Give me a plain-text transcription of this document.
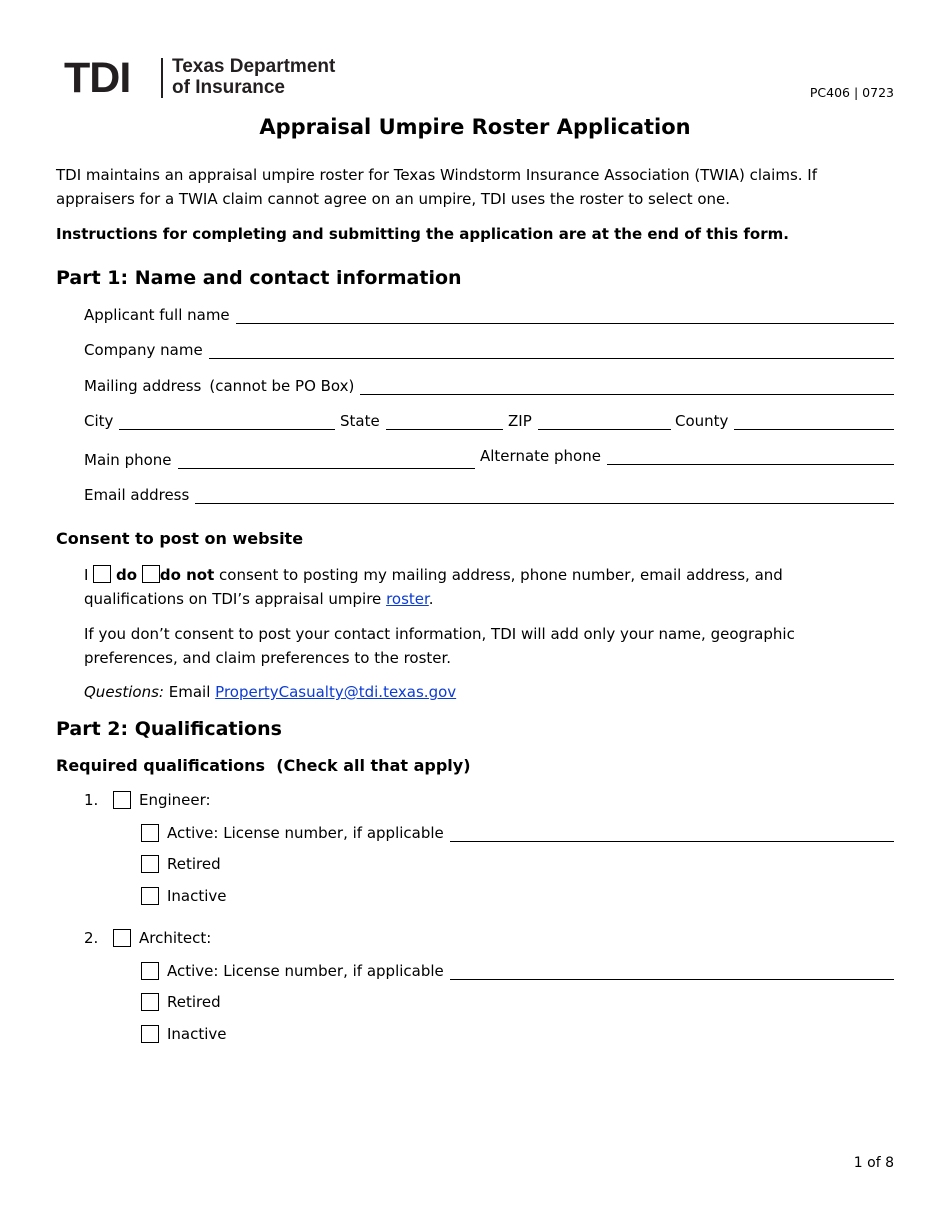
TDI Texas Department
of Insurance	PC406 | 0723
Appraisal Umpire Roster Application
TDI maintains an appraisal umpire roster for Texas Windstorm Insurance Association (TWIA) claims. If appraisers for a TWIA claim cannot agree on an umpire, TDI uses the roster to select one.
Instructions for completing and submitting the application are at the end of this form.
Part 1: Name and contact information
Applicant full name
Company name
Mailing address (cannot be PO Box)
City	State	ZIP	County
Main phone	Alternate phone
Email address
Consent to post on website
I do do not consent to posting my mailing address, phone number, email address, and qualifications on TDI’s appraisal umpire roster.
If you don’t consent to post your contact information, TDI will add only your name, geographic preferences, and claim preferences to the roster.
Questions: Email PropertyCasualty@tdi.texas.gov
Part 2: Qualifications
Required qualifications  (Check all that apply)
1.	Engineer:
Active: License number, if applicable
Retired
Inactive
2.	Architect:
Active: License number, if applicable
Retired
Inactive
1 of 8
